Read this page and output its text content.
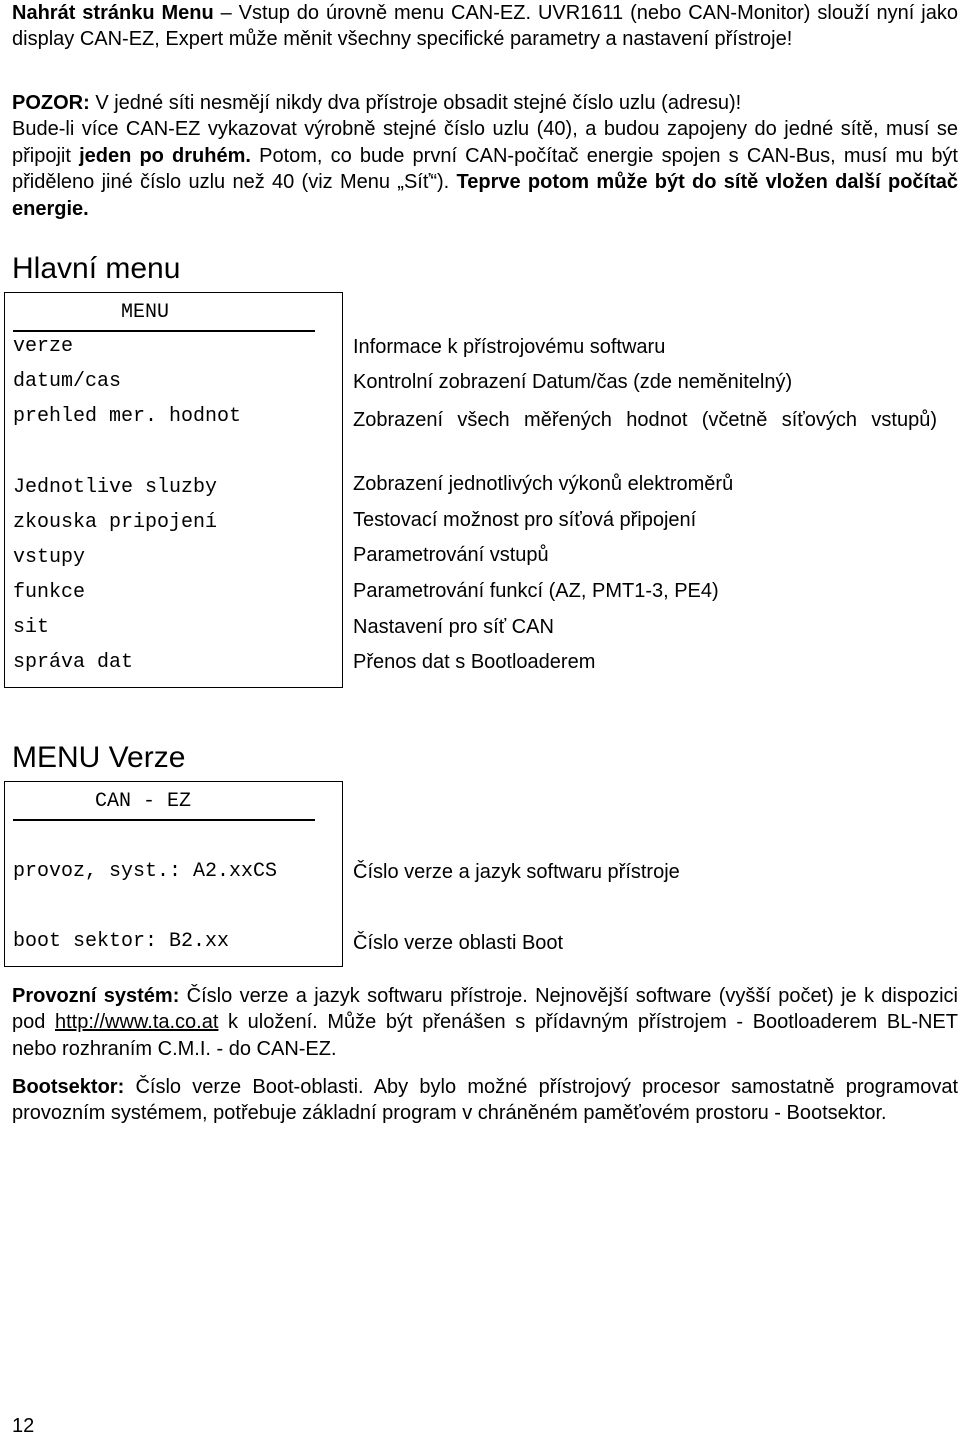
Nahrát stránku Menu – Vstup do úrovně menu CAN-EZ. UVR1611 (nebo CAN-Monitor) slouží nyní jako display CAN-EZ, Expert může měnit všechny specifické parametry a nastavení přístroje!
POZOR: V jedné síti nesmějí nikdy dva přístroje obsadit stejné číslo uzlu (adresu)!
Bude-li více CAN-EZ vykazovat výrobně stejné číslo uzlu (40), a budou zapojeny do jedné sítě, musí se připojit jeden po druhém. Potom, co bude první CAN-počítač energie spojen s CAN-Bus, musí mu být přiděleno jiné číslo uzlu než 40 (viz Menu „Síť“). Teprve potom může být do sítě vložen další počítač energie.
Hlavní menu
MENU
verze
datum/cas
prehled mer. hodnot
Jednotlive sluzby
zkouska pripojení
vstupy
funkce
sit
správa dat
Informace k přístrojovému softwaru
Kontrolní zobrazení Datum/čas (zde neměnitelný)
Zobrazení všech měřených hodnot (včetně síťových vstupů)
Zobrazení jednotlivých výkonů elektroměrů
Testovací možnost pro síťová připojení
Parametrování vstupů
Parametrování funkcí (AZ, PMT1-3, PE4)
Nastavení pro síť CAN
Přenos dat s Bootloaderem
MENU Verze
CAN - EZ
provoz, syst.: A2.xxCS
boot sektor: B2.xx
Číslo verze a jazyk softwaru přístroje
Číslo verze oblasti Boot
Provozní systém: Číslo verze a jazyk softwaru přístroje. Nejnovější software (vyšší počet) je k dispozici pod http://www.ta.co.at k uložení. Může být přenášen s přídavným přístrojem - Bootloaderem BL-NET nebo rozhraním C.M.I. - do CAN-EZ.
Bootsektor: Číslo verze Boot-oblasti. Aby bylo možné přístrojový procesor samostatně programovat provozním systémem, potřebuje základní program v chráněném paměťovém prostoru - Bootsektor.
12
